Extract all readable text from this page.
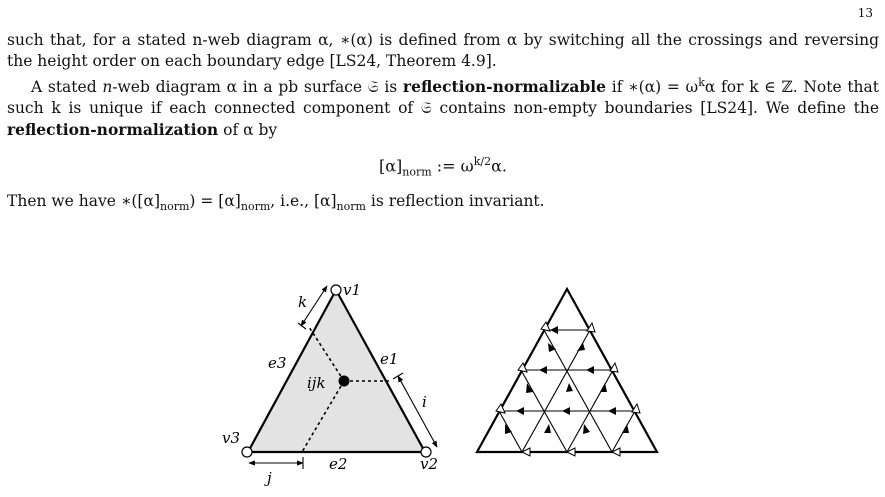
13

such that, for a stated n-web diagram α, ∗(α) is defined from α by switching all the crossings and reversing the height order on each boundary edge [LS24, Theorem 4.9].

A stated n-web diagram α in a pb surface 𝔖 is reflection-normalizable if ∗(α) = $\omega^k\alpha$ for k ∈ ℤ. Note that such k is unique if each connected component of 𝔖 contains non-empty boundaries [LS24]. We define the reflection-normalization of α by

$[\alpha]_{norm}$ := $\omega^{k/2}\alpha$.

Then we have $∗([\alpha]_{norm}) = [\alpha]_{norm}$, i.e., $[\alpha]_{norm}$ is reflection invariant.

v1
v2
v3
e1
e2
e3
i
j
k
ijk
